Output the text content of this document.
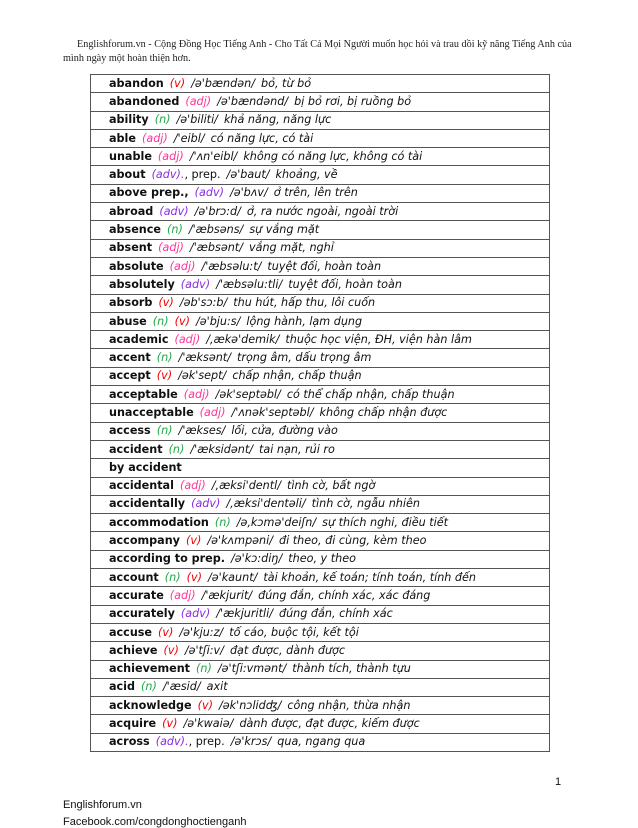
Englishforum.vn - Cộng Đồng Học Tiếng Anh - Cho Tất Cả Mọi Người muốn học hỏi và trau dồi kỹ năng Tiếng Anh của
mình ngày một hoàn thiện hơn.
abandon (v) /ə'bændən/ bỏ, từ bỏ
abandoned (adj) /ə'bændənd/ bị bỏ rơi, bị ruồng bỏ
ability (n) /ə'biliti/ khả năng, năng lực
able (adj) /'eibl/ có năng lực, có tài
unable (adj) /'ʌn'eibl/ không có năng lực, không có tài
about (adv)., prep. /ə'baut/ khoảng, về
above prep., (adv) /ə'bʌv/ ở trên, lên trên
abroad (adv) /ə'brɔ:d/ ở, ra nước ngoài, ngoài trời
absence (n) /'æbsəns/ sự vắng mặt
absent (adj) /'æbsənt/ vắng mặt, nghỉ
absolute (adj) /'æbsəlu:t/ tuyệt đối, hoàn toàn
absolutely (adv) /'æbsəlu:tli/ tuyệt đối, hoàn toàn
absorb (v) /əb'sɔ:b/ thu hút, hấp thu, lôi cuốn
abuse (n) (v) /ə'bju:s/ lộng hành, lạm dụng
academic (adj) /,ækə'demik/ thuộc học viện, ĐH, viện hàn lâm
accent (n) /'æksənt/ trọng âm, dấu trọng âm
accept (v) /ək'sept/ chấp nhận, chấp thuận
acceptable (adj) /ək'septəbl/ có thể chấp nhận, chấp thuận
unacceptable (adj) /'ʌnək'septəbl/ không chấp nhận được
access (n) /'ækses/ lối, cửa, đường vào
accident (n) /'æksidənt/ tai nạn, rủi ro
by accident
accidental (adj) /,æksi'dentl/ tình cờ, bất ngờ
accidentally (adv) /,æksi'dentəli/ tình cờ, ngẫu nhiên
accommodation (n) /ə,kɔmə'deiʃn/ sự thích nghi, điều tiết
accompany (v) /ə'kʌmpəni/ đi theo, đi cùng, kèm theo
according to prep. /ə'kɔ:diŋ/ theo, y theo
account (n) (v) /ə'kaunt/ tài khoản, kế toán; tính toán, tính đến
accurate (adj) /'ækjurit/ đúng đắn, chính xác, xác đáng
accurately (adv) /'ækjuritli/ đúng đắn, chính xác
accuse (v) /ə'kju:z/ tố cáo, buộc tội, kết tội
achieve (v) /ə'tʃi:v/ đạt được, dành được
achievement (n) /ə'tʃi:vmənt/ thành tích, thành tựu
acid (n) /'æsid/ axit
acknowledge (v) /ək'nɔlidʤ/ công nhận, thừa nhận
acquire (v) /ə'kwaiə/ dành được, đạt được, kiếm được
across (adv)., prep. /ə'krɔs/ qua, ngang qua
1
Englishforum.vn
Facebook.com/congdonghoctienganh
